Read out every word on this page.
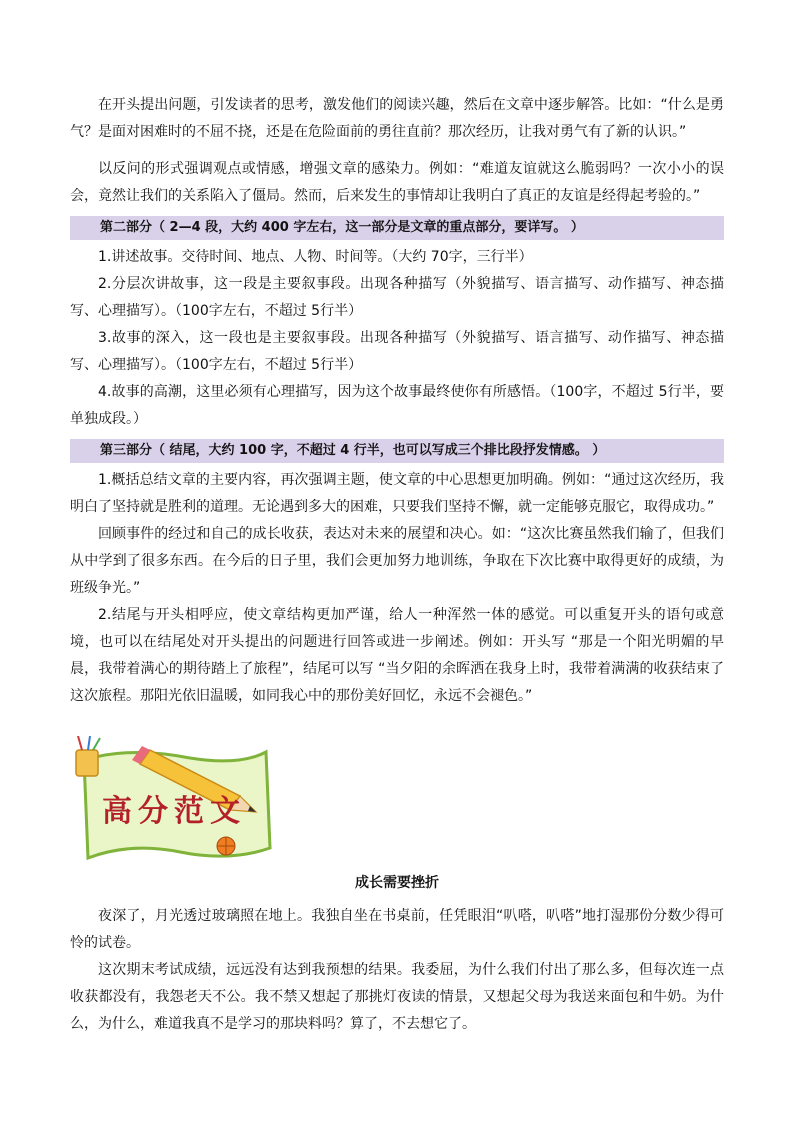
在开头提出问题，引发读者的思考，激发他们的阅读兴趣，然后在文章中逐步解答。比如：“什么是勇气？是面对困难时的不屈不挠，还是在危险面前的勇往直前？那次经历，让我对勇气有了新的认识。”

以反问的形式强调观点或情感，增强文章的感染力。例如：“难道友谊就这么脆弱吗？一次小小的误会，竟然让我们的关系陷入了僵局。然而，后来发生的事情却让我明白了真正的友谊是经得起考验的。”

第二部分（ 2—4 段，大约 400 字左右，这一部分是文章的重点部分，要详写。 ）

1.讲述故事。交待时间、地点、人物、时间等。（大约 70字，三行半）

2.分层次讲故事，这一段是主要叙事段。出现各种描写（外貌描写、语言描写、动作描写、神态描写、心理描写）。（100字左右，不超过 5行半）

3.故事的深入，这一段也是主要叙事段。出现各种描写（外貌描写、语言描写、动作描写、神态描写、心理描写）。（100字左右，不超过 5行半）

4.故事的高潮，这里必须有心理描写，因为这个故事最终使你有所感悟。（100字，不超过 5行半，要单独成段。）

第三部分（ 结尾，大约 100 字，不超过 4 行半，也可以写成三个排比段抒发情感。 ）

1.概括总结文章的主要内容，再次强调主题，使文章的中心思想更加明确。例如：“通过这次经历，我明白了坚持就是胜利的道理。无论遇到多大的困难，只要我们坚持不懈，就一定能够克服它，取得成功。”

回顾事件的经过和自己的成长收获，表达对未来的展望和决心。如：“这次比赛虽然我们输了，但我们从中学到了很多东西。在今后的日子里，我们会更加努力地训练，争取在下次比赛中取得更好的成绩，为班级争光。”

2.结尾与开头相呼应，使文章结构更加严谨，给人一种浑然一体的感觉。可以重复开头的语句或意境，也可以在结尾处对开头提出的问题进行回答或进一步阐述。例如：开头写 “那是一个阳光明媚的早晨，我带着满心的期待踏上了旅程”，结尾可以写 “当夕阳的余晖洒在我身上时，我带着满满的收获结束了这次旅程。那阳光依旧温暖，如同我心中的那份美好回忆，永远不会褪色。”

高分范文
成长需要挫折

夜深了，月光透过玻璃照在地上。我独自坐在书桌前，任凭眼泪“叭嗒，叭嗒”地打湿那份分数少得可怜的试卷。

这次期末考试成绩，远远没有达到我预想的结果。我委屈，为什么我们付出了那么多，但每次连一点收获都没有，我怨老天不公。我不禁又想起了那挑灯夜读的情景，又想起父母为我送来面包和牛奶。为什么，为什么，难道我真不是学习的那块料吗？算了，不去想它了。
